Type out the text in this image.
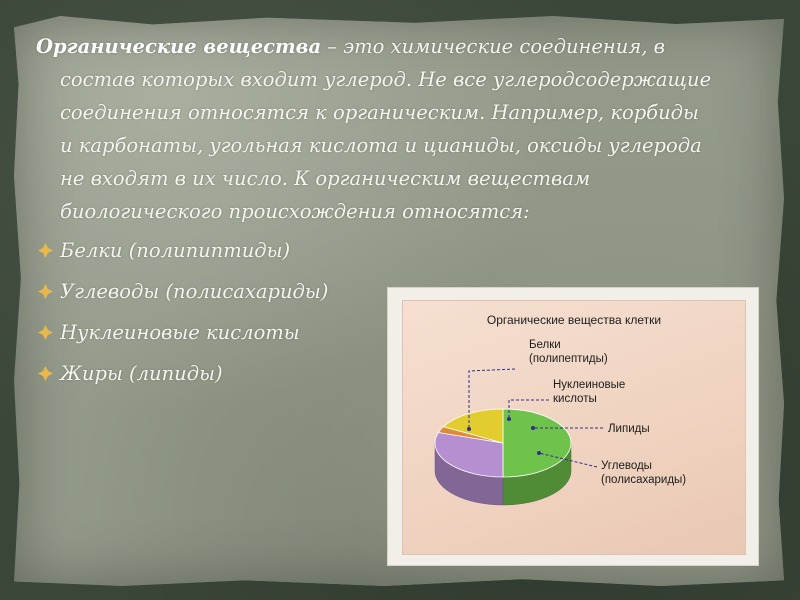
Органические вещества – это химические соединения, в
состав которых входит углерод. Не все углеродсодержащие
соединения относятся к органическим. Например, корбиды
и карбонаты, угольная кислота и цианиды, оксиды углерода
не входят в их число. К органическим веществам
биологического происхождения относятся:

Белки (полипиптиды)
Углеводы (полисахариды)
Нуклеиновые кислоты
Жиры (липиды)
Органические вещества клетки
Белки
(полипептиды)
Нуклеиновые
кислоты
Липиды
Углеводы
(полисахариды)
